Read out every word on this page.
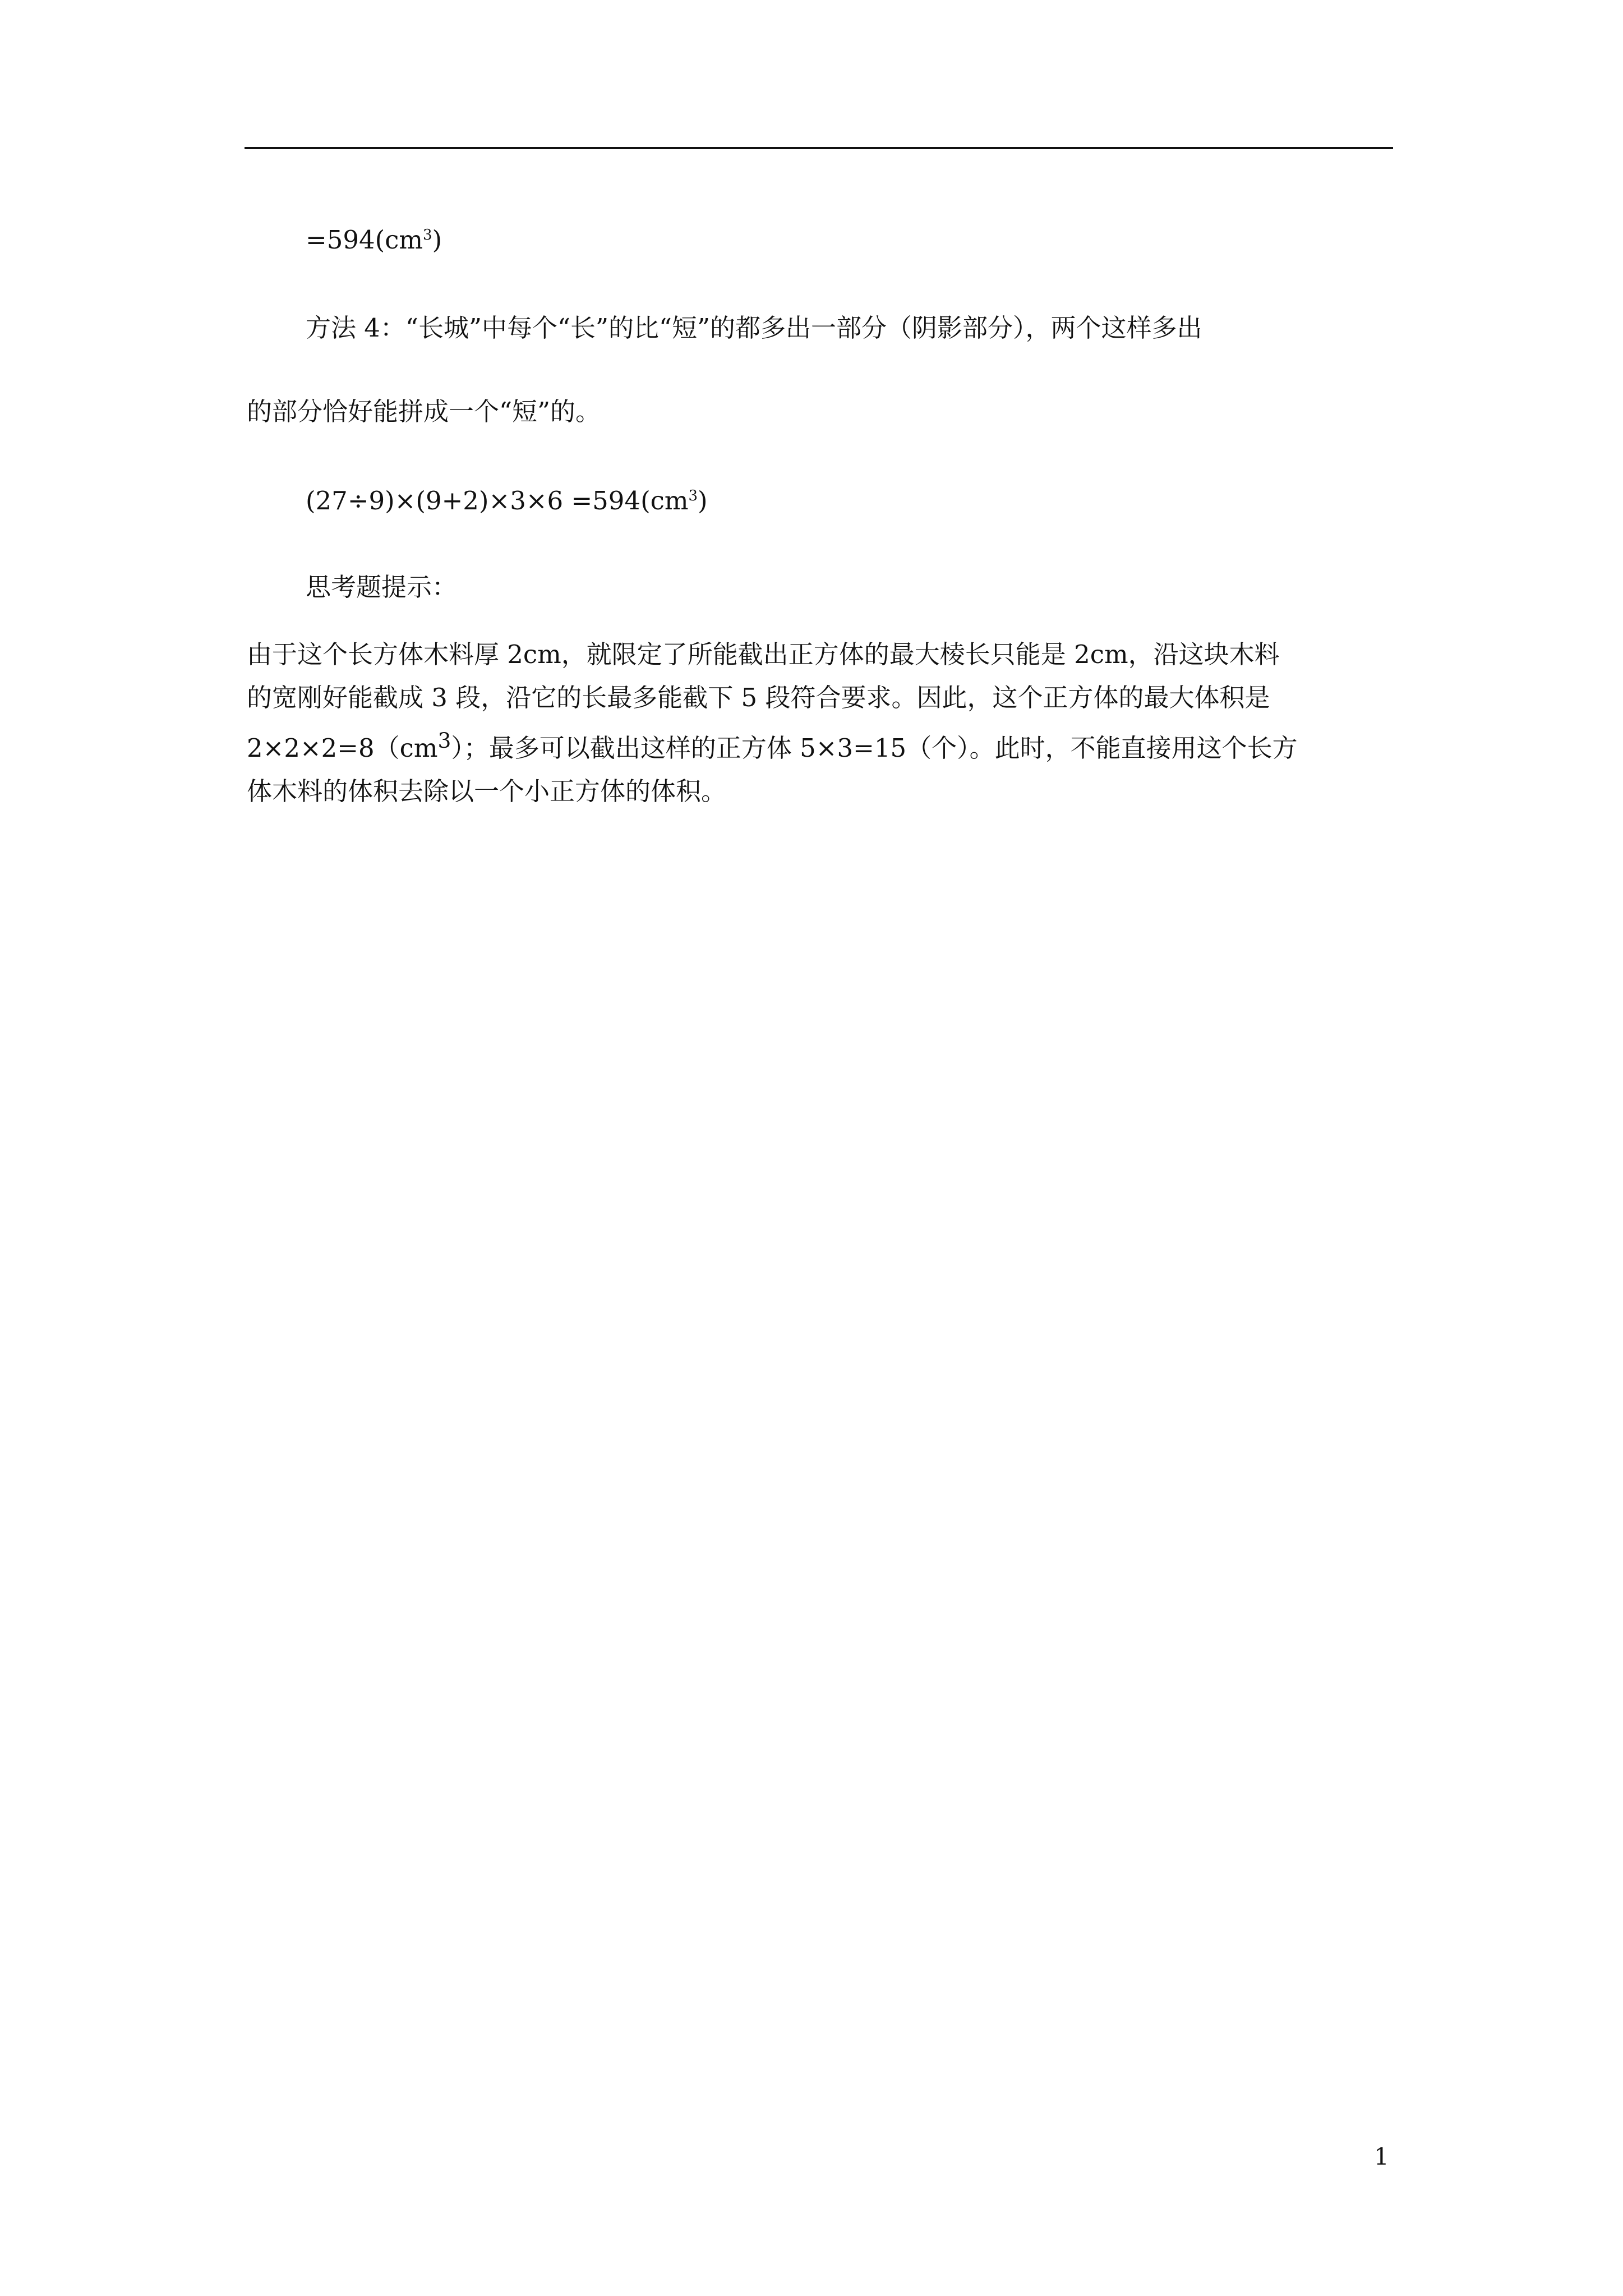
$=594(cm^3)$
方法 4：“长城”中每个“长”的比“短”的都多出一部分（阴影部分），两个这样多出
的部分恰好能拼成一个“短”的。
$(27\div 9)\times(9+2)\times 3\times 6 =594(cm^3)$
思考题提示：

由于这个长方体木料厚 2cm，就限定了所能截出正方体的最大棱长只能是 2cm，沿这块木料

的宽刚好能截成 3 段，沿它的长最多能截下 5 段符合要求。因此，这个正方体的最大体积是

$2\times 2\times 2=8(cm^3)$；最多可以截出这样的正方体 5×3=15（个）。此时，不能直接用这个长方

体木料的体积去除以一个小正方体的体积。

1
